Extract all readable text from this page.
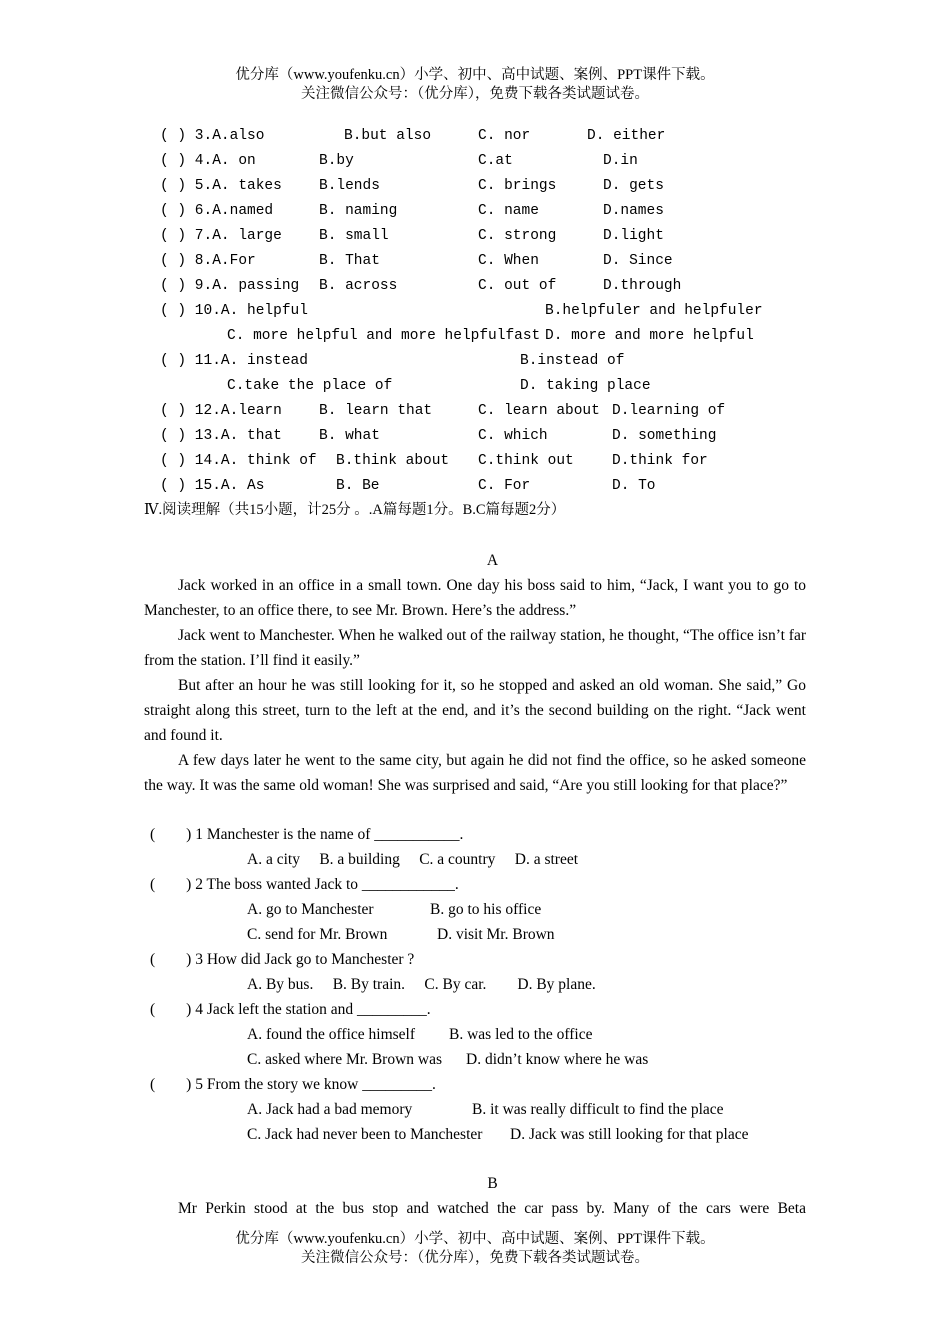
优分库（www.youfenku.cn）小学、初中、高中试题、案例、PPT课件下载。
关注微信公众号：（优分库），免费下载各类试题试卷。
( ) 3.A.also	B.but also	C. nor	D. either
( ) 4.A. on	B.by	C.at	D.in
( ) 5.A. takes	B.lends	C. brings	D. gets
( ) 6.A.named	B. naming	C. name	D.names
( ) 7.A. large	B. small	C. strong	D.light
( ) 8.A.For	B. That	C. When	D. Since
( ) 9.A. passing B. across	C. out of	D.through
( ) 10.A. helpful	B.helpfuler and helpfuler
C. more helpful and more helpfulfast D. more and more helpful
( ) 11.A. instead	B.instead of
C.take the place of	D. taking place
( ) 12.A.learn	B. learn that	C. learn about D.learning of
( ) 13.A. that	B. what	C. which	D. something
( ) 14.A. think of B.think about C.think out	D.think for
( ) 15.A. As	B. Be	C. For	D. To
Ⅳ.阅读理解（共15小题，计25分 。.A篇每题1分。B.C篇每题2分）
A
Jack worked in an office in a small town. One day his boss said to him, “Jack, I want you to go to Manchester, to an office there, to see Mr. Brown. Here’s the address.”
Jack went to Manchester. When he walked out of the railway station, he thought, “The office isn’t far from the station. I’ll find it easily.”
But after an hour he was still looking for it, so he stopped and asked an old woman. She said,” Go straight along this street, turn to the left at the end, and it’s the second building on the right. “Jack went and found it.
A few days later he went to the same city, but again he did not find the office, so he asked someone the way. It was the same old woman! She was surprised and said, “Are you still looking for that place?”
(　　) 1 Manchester is the name of ___________.
A. a city　 B. a building　 C. a country　 D. a street
(　　) 2 The boss wanted Jack to ____________.
A. go to Manchester	B. go to his office
C. send for Mr. Brown	D. visit Mr. Brown
(　　) 3 How did Jack go to Manchester ?
A. By bus.　 B. By train.　 C. By car.　　D. By plane.
(　　) 4 Jack left the station and _________.
A. found the office himself B. was led to the office
C. asked where Mr. Brown was D. didn’t know where he was
(　　) 5 From the story we know _________.
A. Jack had a bad memory	B. it was really difficult to find the place
C. Jack had never been to Manchester D. Jack was still looking for that place
B
Mr Perkin stood at the bus stop and watched the car pass by. Many of the cars were Beta
优分库（www.youfenku.cn）小学、初中、高中试题、案例、PPT课件下载。
关注微信公众号：（优分库），免费下载各类试题试卷。
